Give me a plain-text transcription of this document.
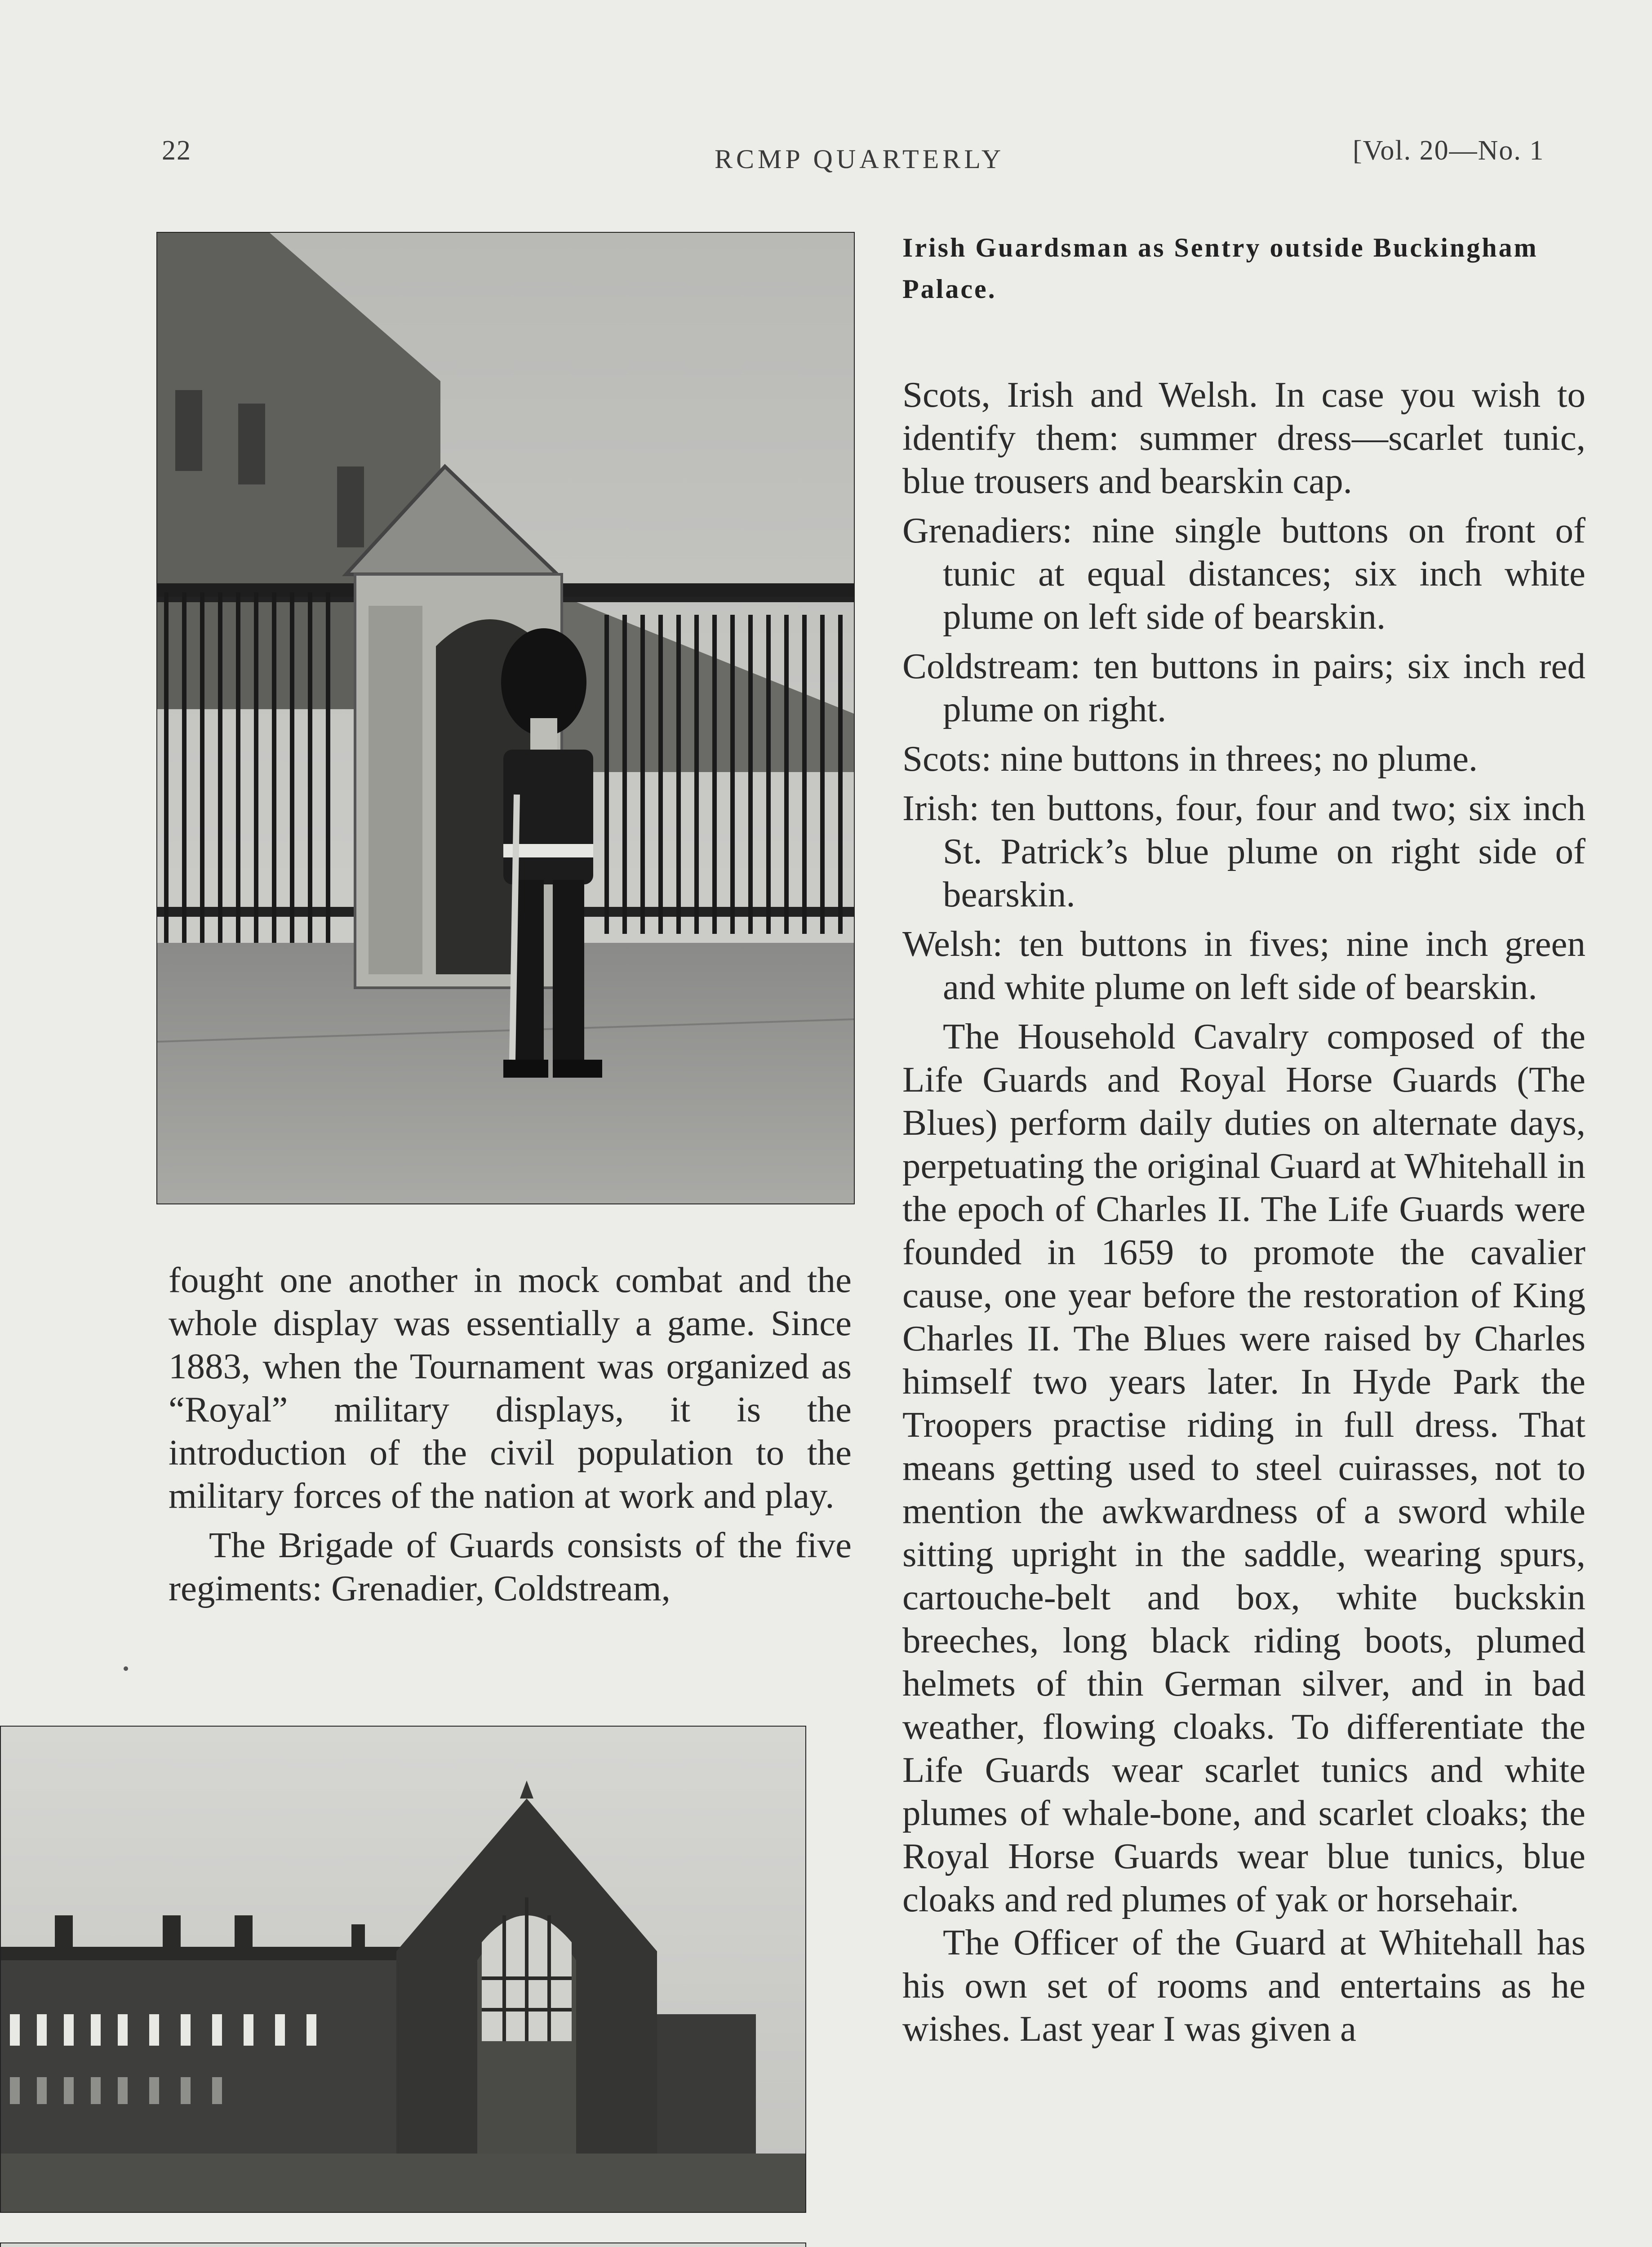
22	RCMP QUARTERLY	[Vol. 20—No. 1
Irish Guardsman as Sentry outside Buckingham Palace.

Scots, Irish and Welsh. In case you wish to identify them: summer dress—scarlet tunic, blue trousers and bearskin cap.

Grenadiers: nine single buttons on front of tunic at equal distances; six inch white plume on left side of bearskin.

Coldstream: ten buttons in pairs; six inch red plume on right.

Scots: nine buttons in threes; no plume.

Irish: ten buttons, four, four and two; six inch St. Patrick’s blue plume on right side of bearskin.

Welsh: ten buttons in fives; nine inch green and white plume on left side of bearskin.

The Household Cavalry composed of the Life Guards and Royal Horse Guards (The Blues) perform daily duties on alternate days, perpetuating the original Guard at Whitehall in the epoch of Charles II. The Life Guards were founded in 1659 to promote the cavalier cause, one year before the restoration of King Charles II. The Blues were raised by Charles himself two years later. In Hyde Park the Troopers practise riding in full dress. That means getting used to steel cuirasses, not to mention the awkwardness of a sword while sitting upright in the saddle, wearing spurs, cartouche-belt and box, white buckskin breeches, long black riding boots, plumed helmets of thin German silver, and in bad weather, flowing cloaks. To differentiate the Life Guards wear scarlet tunics and white plumes of whale-bone, and scarlet cloaks; the Royal Horse Guards wear blue tunics, blue cloaks and red plumes of yak or horsehair.

The Officer of the Guard at Whitehall has his own set of rooms and entertains as he wishes. Last year I was given a

fought one another in mock combat and the whole display was essentially a game. Since 1883, when the Tournament was organized as “Royal” military displays, it is the introduction of the civil population to the military forces of the nation at work and play.

The Brigade of Guards consists of the five regiments: Grenadier, Coldstream,
